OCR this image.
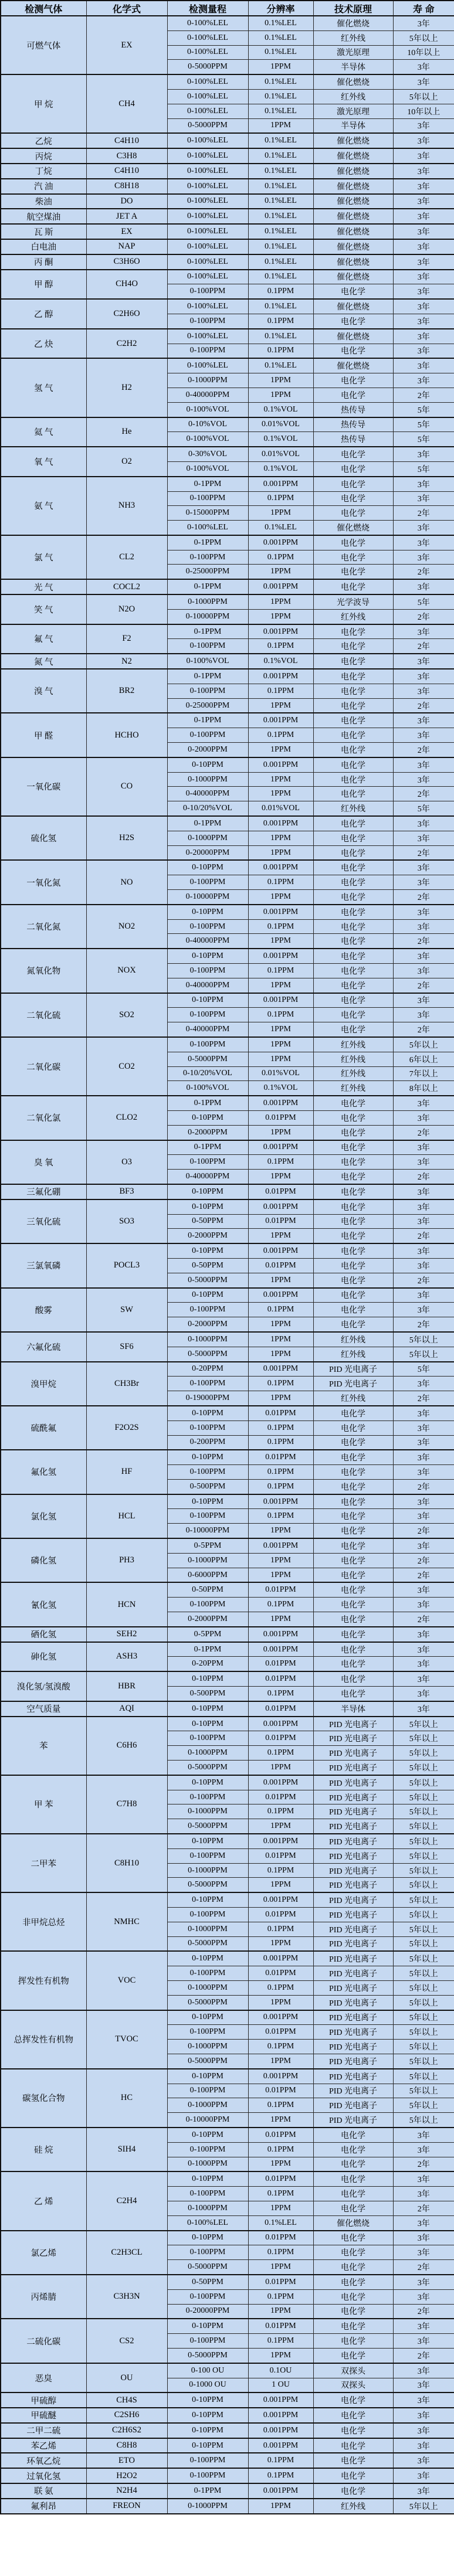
检测气体	化学式	检测量程	分辨率	技术原理	寿 命
可燃气体	EX	0-100%LEL	0.1%LEL	催化燃烧	3年
		0-100%LEL	0.1%LEL	红外线	5年以上
		0-100%LEL	0.1%LEL	激光原理	10年以上
		0-5000PPM	1PPM	半导体	3年
甲 烷	CH4	0-100%LEL	0.1%LEL	催化燃烧	3年
		0-100%LEL	0.1%LEL	红外线	5年以上
		0-100%LEL	0.1%LEL	激光原理	10年以上
		0-5000PPM	1PPM	半导体	3年
乙烷	C4H10	0-100%LEL	0.1%LEL	催化燃烧	3年
丙烷	C3H8	0-100%LEL	0.1%LEL	催化燃烧	3年
丁烷	C4H10	0-100%LEL	0.1%LEL	催化燃烧	3年
汽 油	C8H18	0-100%LEL	0.1%LEL	催化燃烧	3年
柴油	DO	0-100%LEL	0.1%LEL	催化燃烧	3年
航空煤油	JET A	0-100%LEL	0.1%LEL	催化燃烧	3年
瓦 斯	EX	0-100%LEL	0.1%LEL	催化燃烧	3年
白电油	NAP	0-100%LEL	0.1%LEL	催化燃烧	3年
丙 酮	C3H6O	0-100%LEL	0.1%LEL	催化燃烧	3年
甲 醇	CH4O	0-100%LEL	0.1%LEL	催化燃烧	3年
		0-100PPM	0.1PPM	电化学	3年
乙 醇	C2H6O	0-100%LEL	0.1%LEL	催化燃烧	3年
		0-100PPM	0.1PPM	电化学	3年
乙 炔	C2H2	0-100%LEL	0.1%LEL	催化燃烧	3年
		0-100PPM	0.1PPM	电化学	3年
氢 气	H2	0-100%LEL	0.1%LEL	催化燃烧	3年
		0-1000PPM	1PPM	电化学	3年
		0-40000PPM	1PPM	电化学	2年
		0-100%VOL	0.1%VOL	热传导	5年
氦 气	He	0-10%VOL	0.01%VOL	热传导	5年
		0-100%VOL	0.1%VOL	热传导	5年
氧 气	O2	0-30%VOL	0.01%VOL	电化学	3年
		0-100%VOL	0.1%VOL	电化学	5年
氨 气	NH3	0-1PPM	0.001PPM	电化学	3年
		0-100PPM	0.1PPM	电化学	3年
		0-15000PPM	1PPM	电化学	2年
		0-100%LEL	0.1%LEL	催化燃烧	3年
氯 气	CL2	0-1PPM	0.001PPM	电化学	3年
		0-100PPM	0.1PPM	电化学	3年
		0-25000PPM	1PPM	电化学	2年
光 气	COCL2	0-1PPM	0.001PPM	电化学	3年
笑 气	N2O	0-1000PPM	1PPM	光学波导	5年
		0-10000PPM	1PPM	红外线	2年
氟 气	F2	0-1PPM	0.001PPM	电化学	3年
		0-100PPM	0.1PPM	电化学	2年
氮 气	N2	0-100%VOL	0.1%VOL	电化学	3年
溴 气	BR2	0-1PPM	0.001PPM	电化学	3年
		0-100PPM	0.1PPM	电化学	3年
		0-25000PPM	1PPM	电化学	2年
甲 醛	HCHO	0-1PPM	0.001PPM	电化学	3年
		0-100PPM	0.1PPM	电化学	3年
		0-2000PPM	1PPM	电化学	2年
一氧化碳	CO	0-10PPM	0.001PPM	电化学	3年
		0-1000PPM	1PPM	电化学	3年
		0-40000PPM	1PPM	电化学	2年
		0-10/20%VOL	0.01%VOL	红外线	5年
硫化氢	H2S	0-1PPM	0.001PPM	电化学	3年
		0-1000PPM	1PPM	电化学	3年
		0-20000PPM	1PPM	电化学	2年
一氧化氮	NO	0-10PPM	0.001PPM	电化学	3年
		0-100PPM	0.1PPM	电化学	3年
		0-10000PPM	1PPM	电化学	2年
二氧化氮	NO2	0-10PPM	0.001PPM	电化学	3年
		0-100PPM	0.1PPM	电化学	3年
		0-40000PPM	1PPM	电化学	2年
氮氧化物	NOX	0-10PPM	0.001PPM	电化学	3年
		0-100PPM	0.1PPM	电化学	3年
		0-40000PPM	1PPM	电化学	2年
二氧化硫	SO2	0-10PPM	0.001PPM	电化学	3年
		0-100PPM	0.1PPM	电化学	3年
		0-40000PPM	1PPM	电化学	2年
二氧化碳	CO2	0-100PPM	1PPM	红外线	5年以上
		0-5000PPM	1PPM	红外线	6年以上
		0-10/20%VOL	0.01%VOL	红外线	7年以上
		0-100%VOL	0.1%VOL	红外线	8年以上
二氧化氯	CLO2	0-1PPM	0.001PPM	电化学	3年
		0-10PPM	0.01PPM	电化学	3年
		0-2000PPM	1PPM	电化学	2年
臭 氧	O3	0-1PPM	0.001PPM	电化学	3年
		0-100PPM	0.1PPM	电化学	3年
		0-40000PPM	1PPM	电化学	2年
三氟化硼	BF3	0-10PPM	0.01PPM	电化学	3年
三氧化硫	SO3	0-10PPM	0.001PPM	电化学	3年
		0-50PPM	0.01PPM	电化学	3年
		0-2000PPM	1PPM	电化学	2年
三氯氧磷	POCL3	0-10PPM	0.001PPM	电化学	3年
		0-50PPM	0.01PPM	电化学	3年
		0-5000PPM	1PPM	电化学	2年
酸雾	SW	0-10PPM	0.001PPM	电化学	3年
		0-100PPM	0.1PPM	电化学	3年
		0-2000PPM	1PPM	电化学	2年
六氟化硫	SF6	0-1000PPM	1PPM	红外线	5年以上
		0-5000PPM	1PPM	红外线	5年以上
溴甲烷	CH3Br	0-20PPM	0.001PPM	PID 光电离子	5年
		0-100PPM	0.1PPM	PID 光电离子	3年
		0-19000PPM	1PPM	红外线	2年
硫酰氟	F2O2S	0-10PPM	0.01PPM	电化学	3年
		0-100PPM	0.1PPM	电化学	3年
		0-200PPM	0.1PPM	电化学	3年
氟化氢	HF	0-10PPM	0.01PPM	电化学	3年
		0-100PPM	0.1PPM	电化学	3年
		0-500PPM	0.1PPM	电化学	2年
氯化氢	HCL	0-10PPM	0.001PPM	电化学	3年
		0-100PPM	0.1PPM	电化学	3年
		0-10000PPM	1PPM	电化学	2年
磷化氢	PH3	0-5PPM	0.001PPM	电化学	3年
		0-1000PPM	1PPM	电化学	2年
		0-6000PPM	1PPM	电化学	2年
氰化氢	HCN	0-50PPM	0.01PPM	电化学	3年
		0-100PPM	0.1PPM	电化学	3年
		0-2000PPM	1PPM	电化学	2年
硒化氢	SEH2	0-5PPM	0.001PPM	电化学	3年
砷化氢	ASH3	0-1PPM	0.001PPM	电化学	3年
		0-20PPM	0.01PPM	电化学	3年
溴化氢/氢溴酸	HBR	0-10PPM	0.01PPM	电化学	3年
		0-500PPM	0.1PPM	电化学	3年
空气质量	AQI	0-10PPM	0.01PPM	半导体	3年
苯	C6H6	0-10PPM	0.001PPM	PID 光电离子	5年以上
		0-100PPM	0.01PPM	PID 光电离子	5年以上
		0-1000PPM	0.1PPM	PID 光电离子	5年以上
		0-5000PPM	1PPM	PID 光电离子	5年以上
甲 苯	C7H8	0-10PPM	0.001PPM	PID 光电离子	5年以上
		0-100PPM	0.01PPM	PID 光电离子	5年以上
		0-1000PPM	0.1PPM	PID 光电离子	5年以上
		0-5000PPM	1PPM	PID 光电离子	5年以上
二甲苯	C8H10	0-10PPM	0.001PPM	PID 光电离子	5年以上
		0-100PPM	0.01PPM	PID 光电离子	5年以上
		0-1000PPM	0.1PPM	PID 光电离子	5年以上
		0-5000PPM	1PPM	PID 光电离子	5年以上
非甲烷总烃	NMHC	0-10PPM	0.001PPM	PID 光电离子	5年以上
		0-100PPM	0.01PPM	PID 光电离子	5年以上
		0-1000PPM	0.1PPM	PID 光电离子	5年以上
		0-5000PPM	1PPM	PID 光电离子	5年以上
挥发性有机物	VOC	0-10PPM	0.001PPM	PID 光电离子	5年以上
		0-100PPM	0.01PPM	PID 光电离子	5年以上
		0-1000PPM	0.1PPM	PID 光电离子	5年以上
		0-5000PPM	1PPM	PID 光电离子	5年以上
总挥发性有机物	TVOC	0-10PPM	0.001PPM	PID 光电离子	5年以上
		0-100PPM	0.01PPM	PID 光电离子	5年以上
		0-1000PPM	0.1PPM	PID 光电离子	5年以上
		0-5000PPM	1PPM	PID 光电离子	5年以上
碳氢化合物	HC	0-10PPM	0.001PPM	PID 光电离子	5年以上
		0-100PPM	0.01PPM	PID 光电离子	5年以上
		0-1000PPM	0.1PPM	PID 光电离子	5年以上
		0-10000PPM	1PPM	PID 光电离子	5年以上
硅 烷	SIH4	0-10PPM	0.01PPM	电化学	3年
		0-100PPM	0.1PPM	电化学	3年
		0-1000PPM	1PPM	电化学	2年
乙 烯	C2H4	0-10PPM	0.01PPM	电化学	3年
		0-100PPM	0.1PPM	电化学	3年
		0-1000PPM	1PPM	电化学	2年
		0-100%LEL	0.1%LEL	催化燃烧	3年
氯乙烯	C2H3CL	0-10PPM	0.01PPM	电化学	3年
		0-100PPM	0.1PPM	电化学	3年
		0-5000PPM	1PPM	电化学	2年
丙烯腈	C3H3N	0-50PPM	0.01PPM	电化学	3年
		0-100PPM	0.1PPM	电化学	3年
		0-20000PPM	1PPM	电化学	2年
二硫化碳	CS2	0-10PPM	0.01PPM	电化学	3年
		0-100PPM	0.1PPM	电化学	3年
		0-5000PPM	1PPM	电化学	2年
恶臭	OU	0-100 OU	0.1OU	双探头	3年
		0-1000 OU	1 OU	双探头	3年
甲硫醇	CH4S	0-10PPM	0.001PPM	电化学	3年
甲硫醚	C2SH6	0-10PPM	0.001PPM	电化学	3年
二甲二硫	C2H6S2	0-10PPM	0.001PPM	电化学	3年
苯乙烯	C8H8	0-10PPM	0.001PPM	电化学	3年
环氧乙烷	ETO	0-100PPM	0.1PPM	电化学	3年
过氧化氢	H2O2	0-100PPM	0.1PPM	电化学	3年
联 氨	N2H4	0-1PPM	0.001PPM	电化学	3年
氟利昂	FREON	0-1000PPM	1PPM	红外线	5年以上
